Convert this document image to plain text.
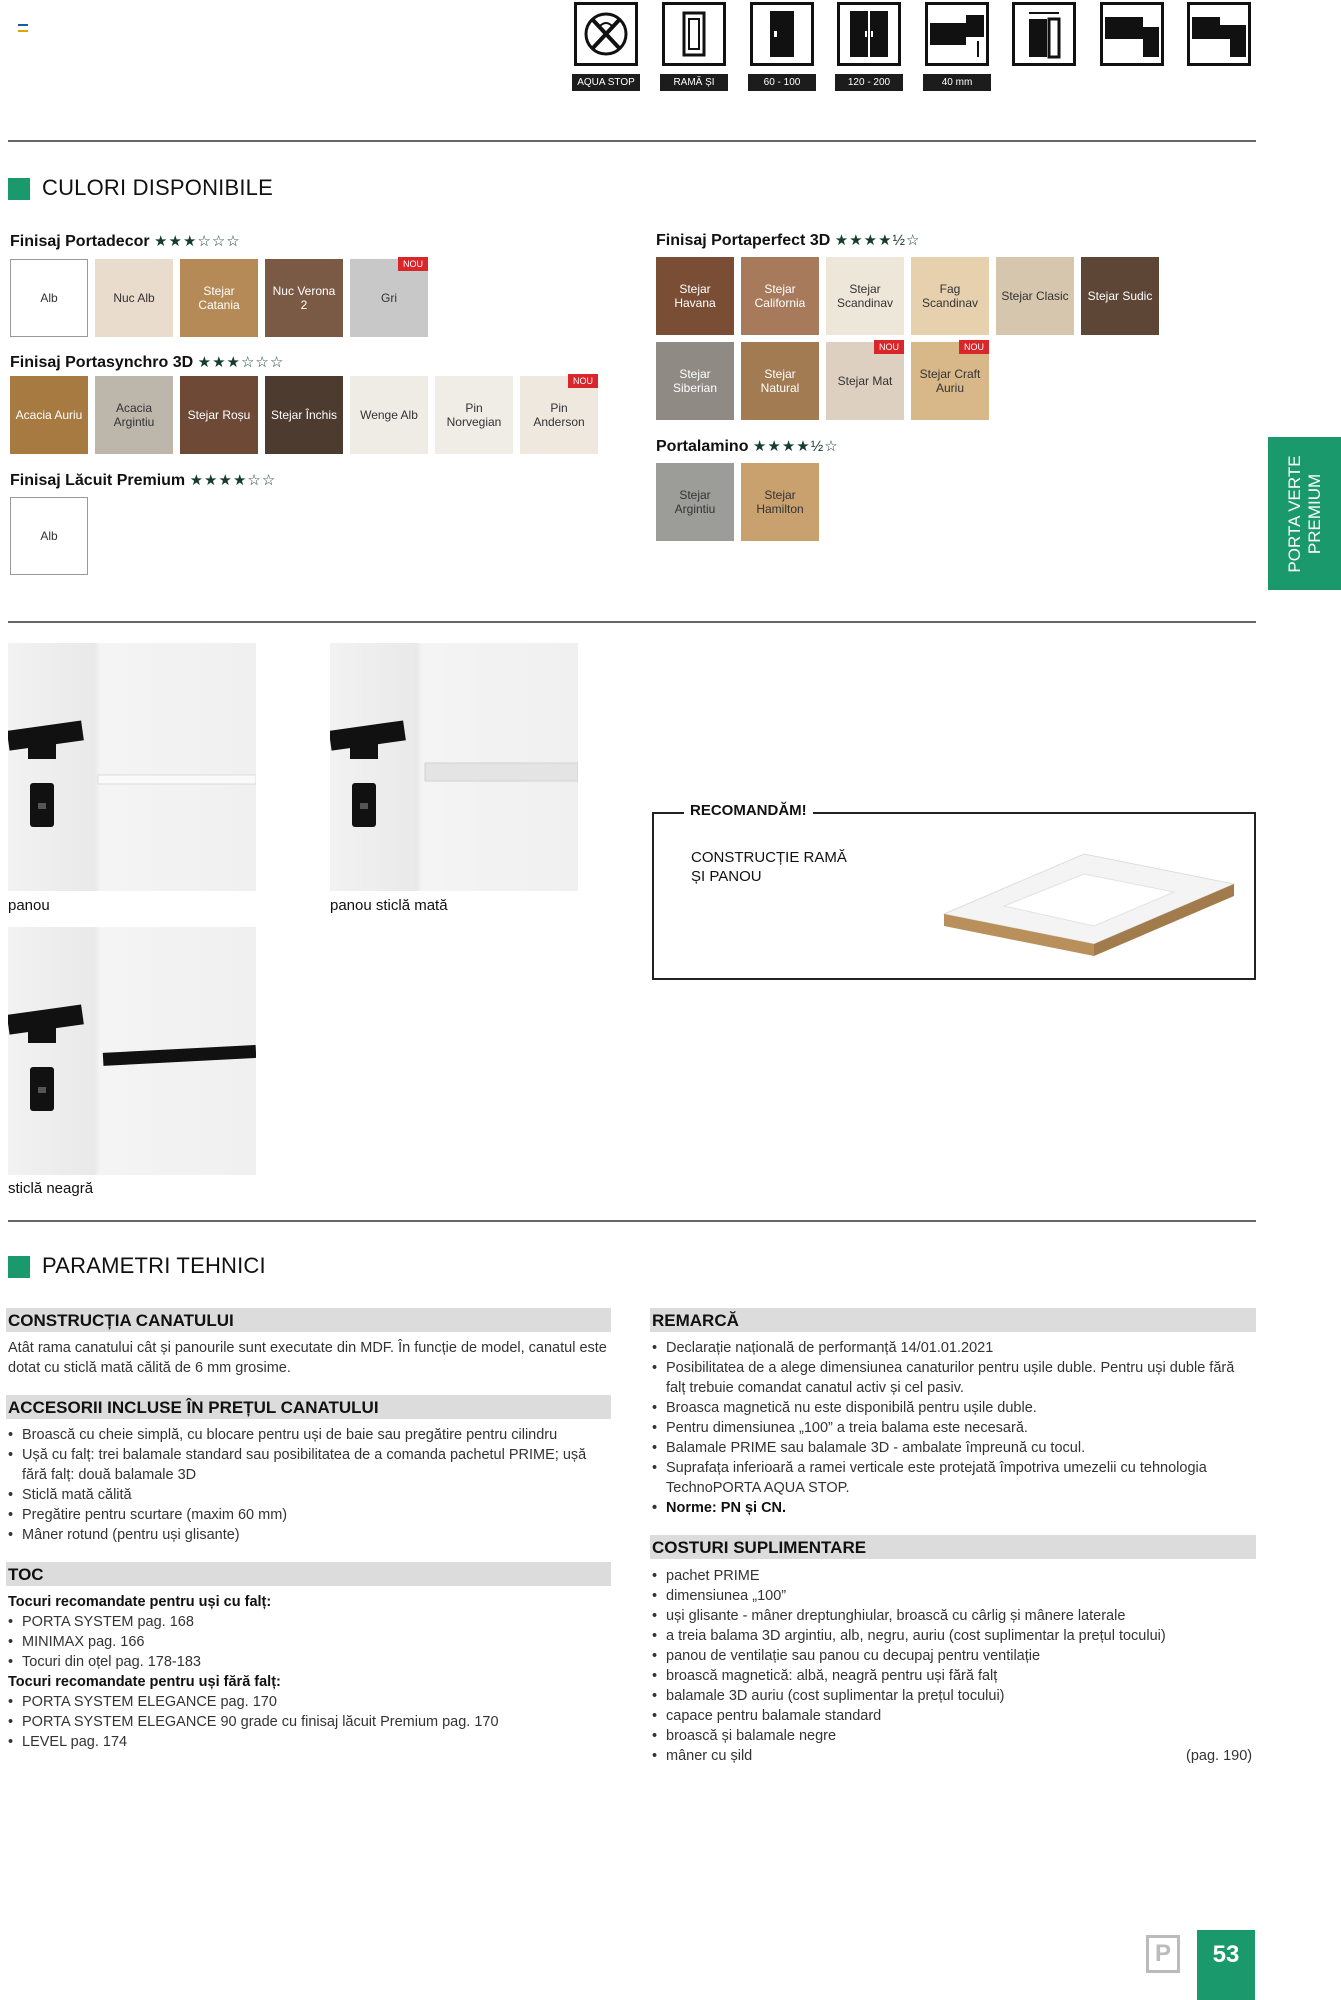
AQUA STOP	RAMĂ ȘI PANOU
60 - 100	120 - 200	40 mm
CULORI DISPONIBILE
Finisaj Portadecor ★★★☆☆☆
Alb	Nuc Alb	Stejar Catania
Nuc Verona 2	Gri
NOU
Finisaj Portasynchro 3D ★★★☆☆☆
Acacia Auriu	Acacia Argintiu	Stejar Roșu	Stejar Închis	Wenge Alb	Pin Norvegian
Pin Anderson
NOU
Finisaj Lăcuit Premium ★★★★☆☆
Alb
Finisaj Portaperfect 3D ★★★★½☆
Stejar Havana
Stejar California
Stejar Scandinav
Fag Scandinav	Stejar Clasic	Stejar Sudic
Stejar Siberian
Stejar Natural	Stejar Mat
NOU
Stejar Craft Auriu
NOU
Portalamino ★★★★½☆
Stejar Argintiu
Stejar Hamilton	PORTA VERTE PREMIUM
panou	panou sticlă mată
sticlă neagră
RECOMANDĂM!
CONSTRUCȚIE RAMĂ
ȘI PANOU
PARAMETRI TEHNICI
CONSTRUCȚIA CANATULUI
Atât rama canatului cât și panourile sunt executate din MDF. În funcție de model, canatul este dotat cu sticlă mată călită de 6 mm grosime.
ACCESORII INCLUSE ÎN PREȚUL CANATULUI
• Broască cu cheie simplă, cu blocare pentru uși de baie sau pregătire pentru cilindru
• Ușă cu falț: trei balamale standard sau posibilitatea de a comanda pachetul PRIME; ușă fără falț: două balamale 3D
• Sticlă mată călită
• Pregătire pentru scurtare (maxim 60 mm)
• Mâner rotund (pentru uși glisante)
TOC
Tocuri recomandate pentru uși cu falț:
• PORTA SYSTEM pag. 168
• MINIMAX pag. 166
• Tocuri din oțel pag. 178-183
Tocuri recomandate pentru uși fără falț:
• PORTA SYSTEM ELEGANCE pag. 170
• PORTA SYSTEM ELEGANCE 90 grade cu finisaj lăcuit Premium pag. 170
• LEVEL pag. 174
REMARCĂ
• Declarație națională de performanță 14/01.01.2021
• Posibilitatea de a alege dimensiunea canaturilor pentru ușile duble. Pentru uși duble fără falț trebuie comandat canatul activ și cel pasiv.
• Broasca magnetică nu este disponibilă pentru ușile duble.
• Pentru dimensiunea „100” a treia balama este necesară.
• Balamale PRIME sau balamale 3D - ambalate împreună cu tocul.
• Suprafața inferioară a ramei verticale este protejată împotriva umezelii cu tehnologia TechnoPORTA AQUA STOP.
• Norme: PN și CN.
COSTURI SUPLIMENTARE
• pachet PRIME
• dimensiunea „100”
• uși glisante - mâner dreptunghiular, broască cu cârlig și mânere laterale
• a treia balama 3D argintiu, alb, negru, auriu (cost suplimentar la prețul tocului)
• panou de ventilație sau panou cu decupaj pentru ventilație
• broască magnetică: albă, neagră pentru uși fără falț
• balamale 3D auriu (cost suplimentar la prețul tocului)
• capace pentru balamale standard
• broască și balamale negre
• mâner cu șild	(pag. 190)
P	53
